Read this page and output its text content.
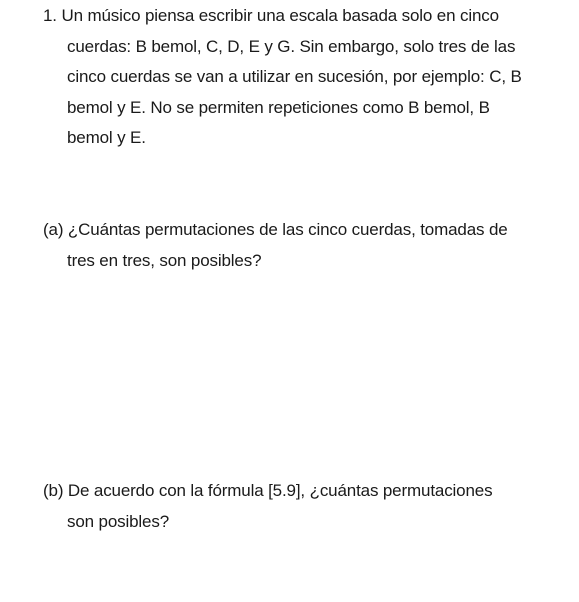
1. Un músico piensa escribir una escala basada solo en cinco
cuerdas: B bemol, C, D, E y G. Sin embargo, solo tres de las
cinco cuerdas se van a utilizar en sucesión, por ejemplo: C, B
bemol y E. No se permiten repeticiones como B bemol, B
bemol y E.
(a) ¿Cuántas permutaciones de las cinco cuerdas, tomadas de
tres en tres, son posibles?
(b) De acuerdo con la fórmula [5.9], ¿cuántas permutaciones
son posibles?
